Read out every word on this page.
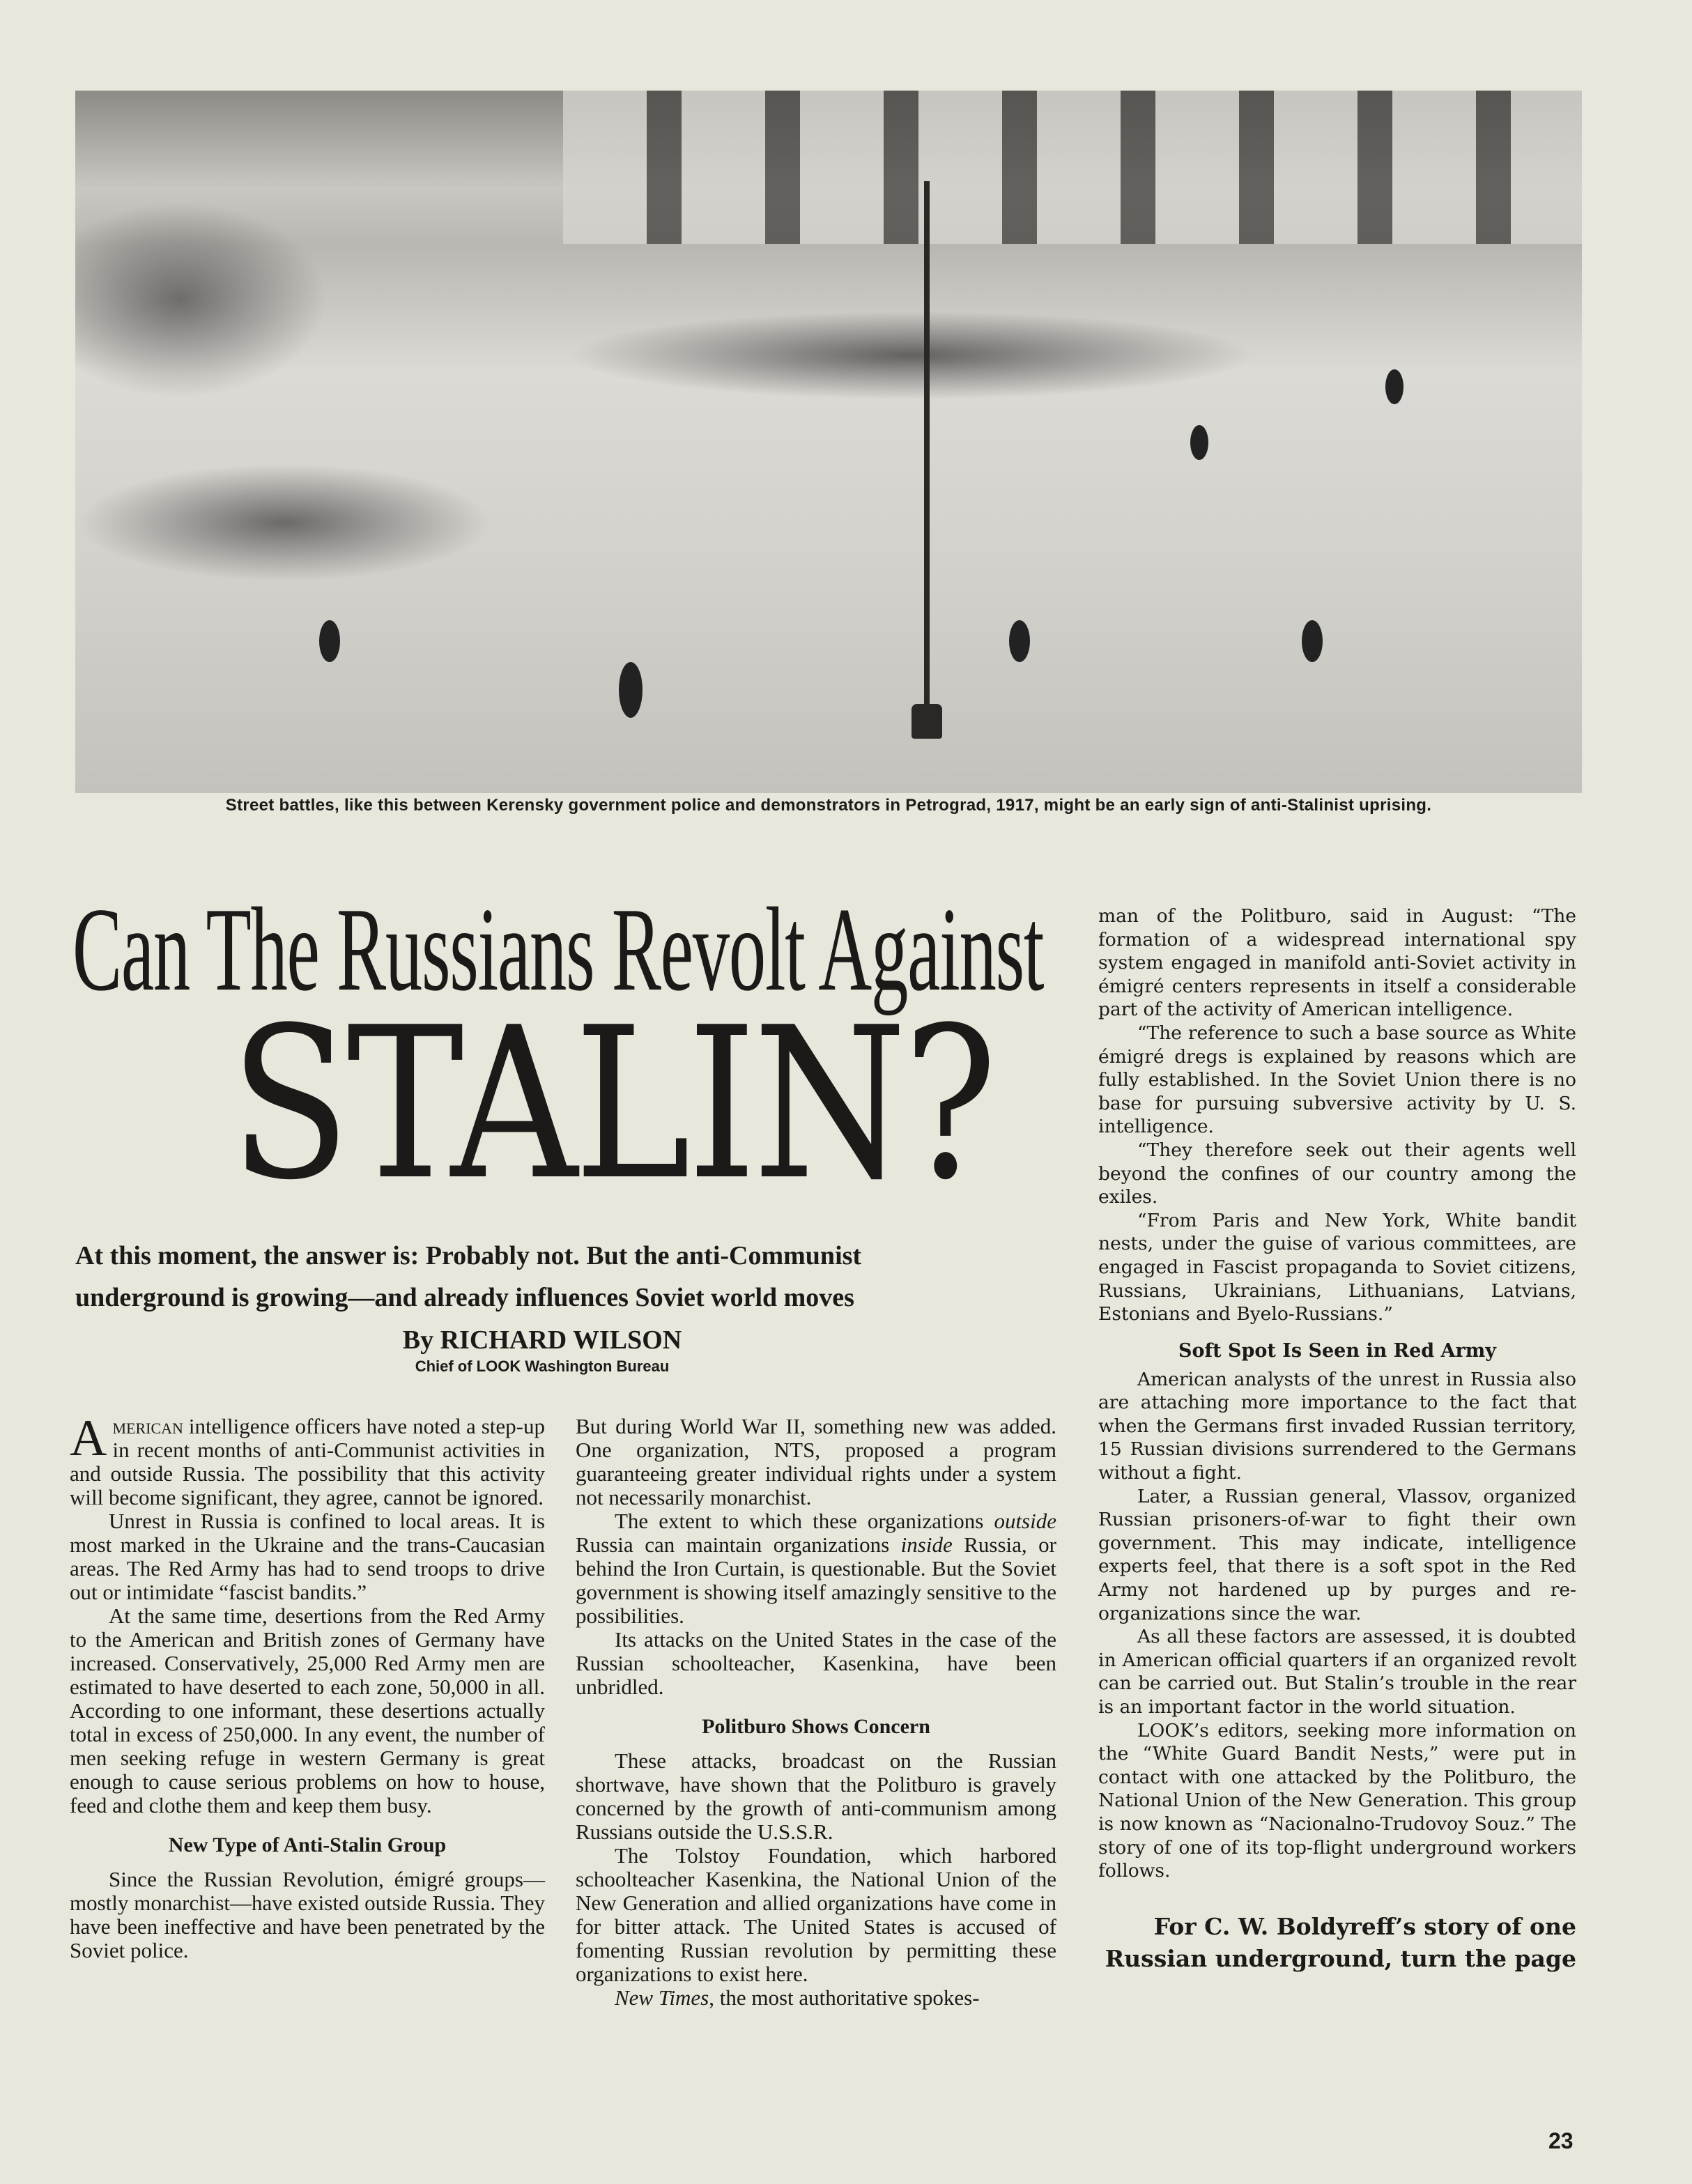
Street battles, like this between Kerensky government police and demonstrators in Petrograd, 1917, might be an early sign of anti-Stalinist uprising.
Can The Russians Revolt Against
STALIN?
At this moment, the answer is: Probably not. But the anti-Communist underground is growing—and already influences Soviet world moves
By RICHARD WILSON
Chief of LOOK Washington Bureau

American intelligence officers have noted a step-up in recent months of anti-Communist activities in and outside Russia. The possibility that this activity will become significant, they agree, cannot be ignored.

Unrest in Russia is confined to local areas. It is most marked in the Ukraine and the trans-Caucasian areas. The Red Army has had to send troops to drive out or intimidate “fascist bandits.”

At the same time, desertions from the Red Army to the American and British zones of Germany have increased. Conservatively, 25,000 Red Army men are estimated to have deserted to each zone, 50,000 in all. According to one informant, these desertions actually total in excess of 250,000. In any event, the number of men seeking refuge in western Germany is great enough to cause serious problems on how to house, feed and clothe them and keep them busy.

New Type of Anti-Stalin Group

Since the Russian Revolution, émigré groups—mostly monarchist—have existed outside Russia. They have been ineffective and have been penetrated by the Soviet police.

But during World War II, something new was added. One organization, NTS, proposed a program guaranteeing greater individual rights under a system not necessarily monarchist.

The extent to which these organizations outside Russia can maintain organizations inside Russia, or behind the Iron Curtain, is questionable. But the Soviet government is showing itself amazingly sensitive to the possibilities.

Its attacks on the United States in the case of the Russian schoolteacher, Kasenkina, have been unbridled.

Politburo Shows Concern

These attacks, broadcast on the Russian shortwave, have shown that the Politburo is gravely concerned by the growth of anti-communism among Russians outside the U.S.S.R.

The Tolstoy Foundation, which harbored schoolteacher Kasenkina, the National Union of the New Generation and allied organizations have come in for bitter attack. The United States is accused of fomenting Russian revolution by permitting these organizations to exist here.

New Times, the most authoritative spokes-

man of the Politburo, said in August: “The formation of a widespread international spy system engaged in manifold anti-Soviet activity in émigré centers represents in itself a considerable part of the activity of American intelligence.

“The reference to such a base source as White émigré dregs is explained by reasons which are fully established. In the Soviet Union there is no base for pursuing subversive activity by U. S. intelligence.

“They therefore seek out their agents well beyond the confines of our country among the exiles.

“From Paris and New York, White bandit nests, under the guise of various committees, are engaged in Fascist propaganda to Soviet citizens, Russians, Ukrainians, Lithuanians, Latvians, Estonians and Byelo-Russians.”

Soft Spot Is Seen in Red Army

American analysts of the unrest in Russia also are attaching more importance to the fact that when the Germans first invaded Russian territory, 15 Russian divisions surrendered to the Germans without a fight.

Later, a Russian general, Vlassov, organized Russian prisoners-of-war to fight their own government. This may indicate, intelligence experts feel, that there is a soft spot in the Red Army not hardened up by purges and re-organizations since the war.

As all these factors are assessed, it is doubted in American official quarters if an organized revolt can be carried out. But Stalin’s trouble in the rear is an important factor in the world situation.

LOOK’s editors, seeking more information on the “White Guard Bandit Nests,” were put in contact with one attacked by the Politburo, the National Union of the New Generation. This group is now known as “Nacionalno-Trudovoy Souz.” The story of one of its top-flight underground workers follows.

For C. W. Boldyreff’s story of one
Russian underground, turn the page
23
